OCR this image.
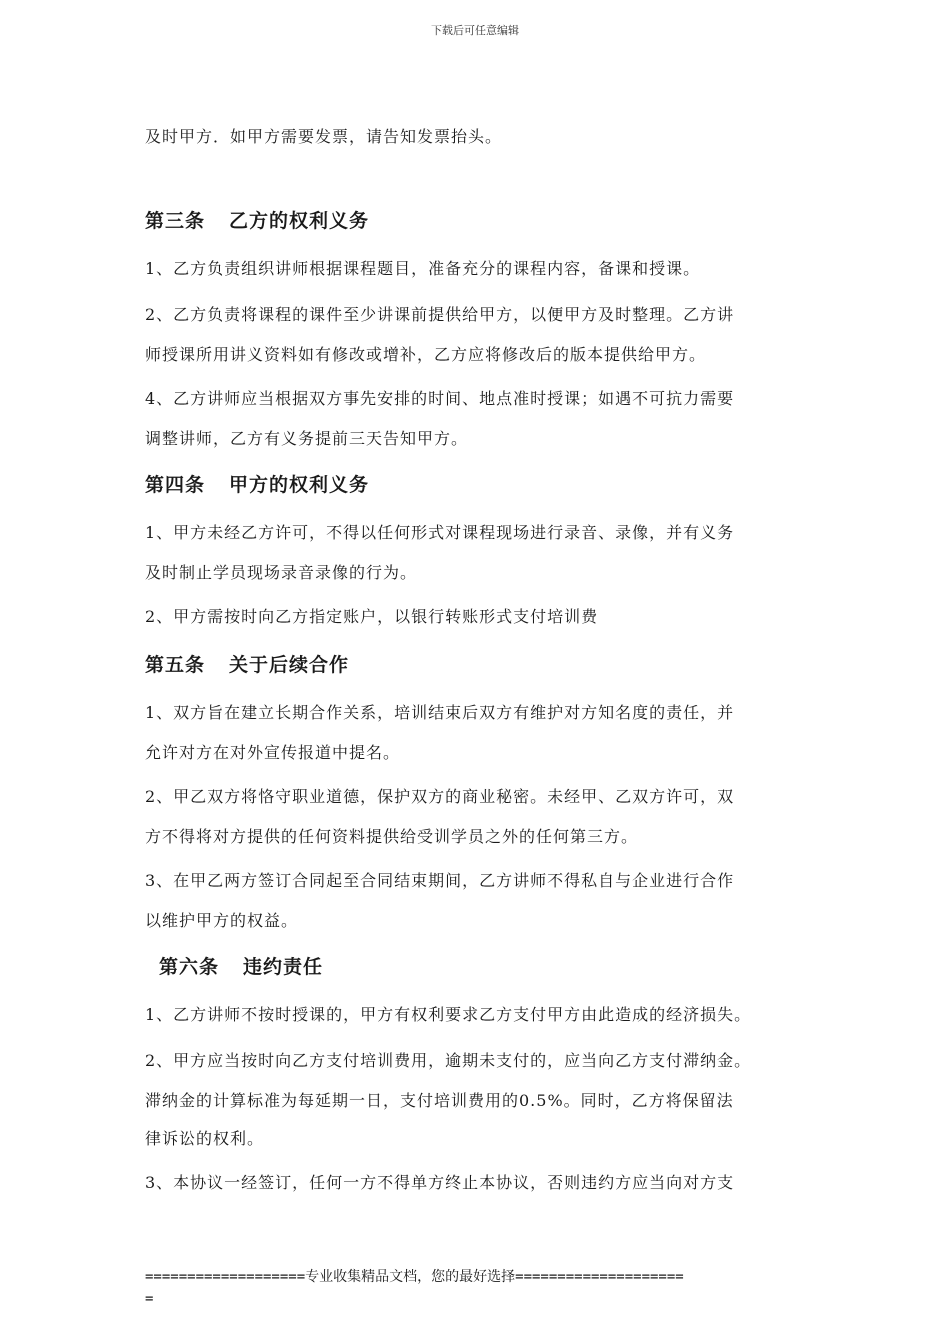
下载后可任意编辑
及时甲方．如甲方需要发票，请告知发票抬头。
第三条 乙方的权利义务
1、乙方负责组织讲师根据课程题目，准备充分的课程内容，备课和授课。
2、乙方负责将课程的课件至少讲课前提供给甲方，以便甲方及时整理。乙方讲
师授课所用讲义资料如有修改或增补，乙方应将修改后的版本提供给甲方。
4、乙方讲师应当根据双方事先安排的时间、地点准时授课；如遇不可抗力需要
调整讲师，乙方有义务提前三天告知甲方。
第四条 甲方的权利义务
1、甲方未经乙方许可，不得以任何形式对课程现场进行录音、录像，并有义务
及时制止学员现场录音录像的行为。
2、甲方需按时向乙方指定账户，以银行转账形式支付培训费
第五条 关于后续合作
1、双方旨在建立长期合作关系，培训结束后双方有维护对方知名度的责任，并
允许对方在对外宣传报道中提名。
2、甲乙双方将恪守职业道德，保护双方的商业秘密。未经甲、乙双方许可，双
方不得将对方提供的任何资料提供给受训学员之外的任何第三方。
3、在甲乙两方签订合同起至合同结束期间，乙方讲师不得私自与企业进行合作
以维护甲方的权益。
第六条 违约责任
1、乙方讲师不按时授课的，甲方有权利要求乙方支付甲方由此造成的经济损失。
2、甲方应当按时向乙方支付培训费用，逾期未支付的，应当向乙方支付滞纳金。
滞纳金的计算标准为每延期一日，支付培训费用的0.5%。同时，乙方将保留法
律诉讼的权利。
3、本协议一经签订，任何一方不得单方终止本协议，否则违约方应当向对方支
===================专业收集精品文档，您的最好选择====================
=
